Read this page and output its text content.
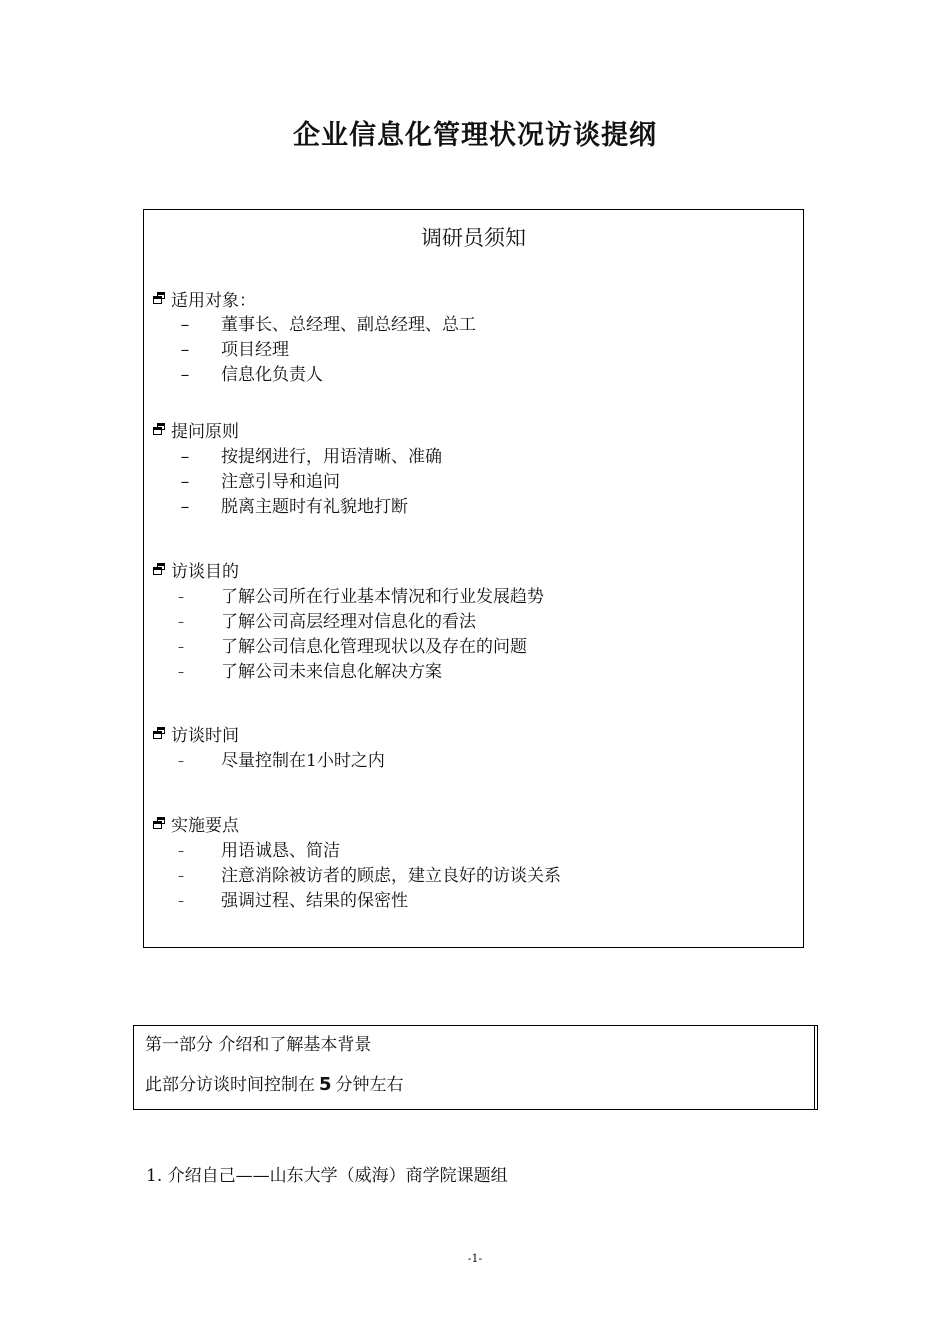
企业信息化管理状况访谈提纲
调研员须知
适用对象：
– 董事长、总经理、副总经理、总工
– 项目经理
– 信息化负责人
提问原则
– 按提纲进行，用语清晰、准确
– 注意引导和追问
– 脱离主题时有礼貌地打断
访谈目的
– 了解公司所在行业基本情况和行业发展趋势
– 了解公司高层经理对信息化的看法
– 了解公司信息化管理现状以及存在的问题
– 了解公司未来信息化解决方案
访谈时间
– 尽量控制在1小时之内
实施要点
– 用语诚恳、简洁
– 注意消除被访者的顾虑，建立良好的访谈关系
– 强调过程、结果的保密性
第一部分 介绍和了解基本背景
此部分访谈时间控制在 5 分钟左右
1. 介绍自己——山东大学（威海）商学院课题组
-1-
